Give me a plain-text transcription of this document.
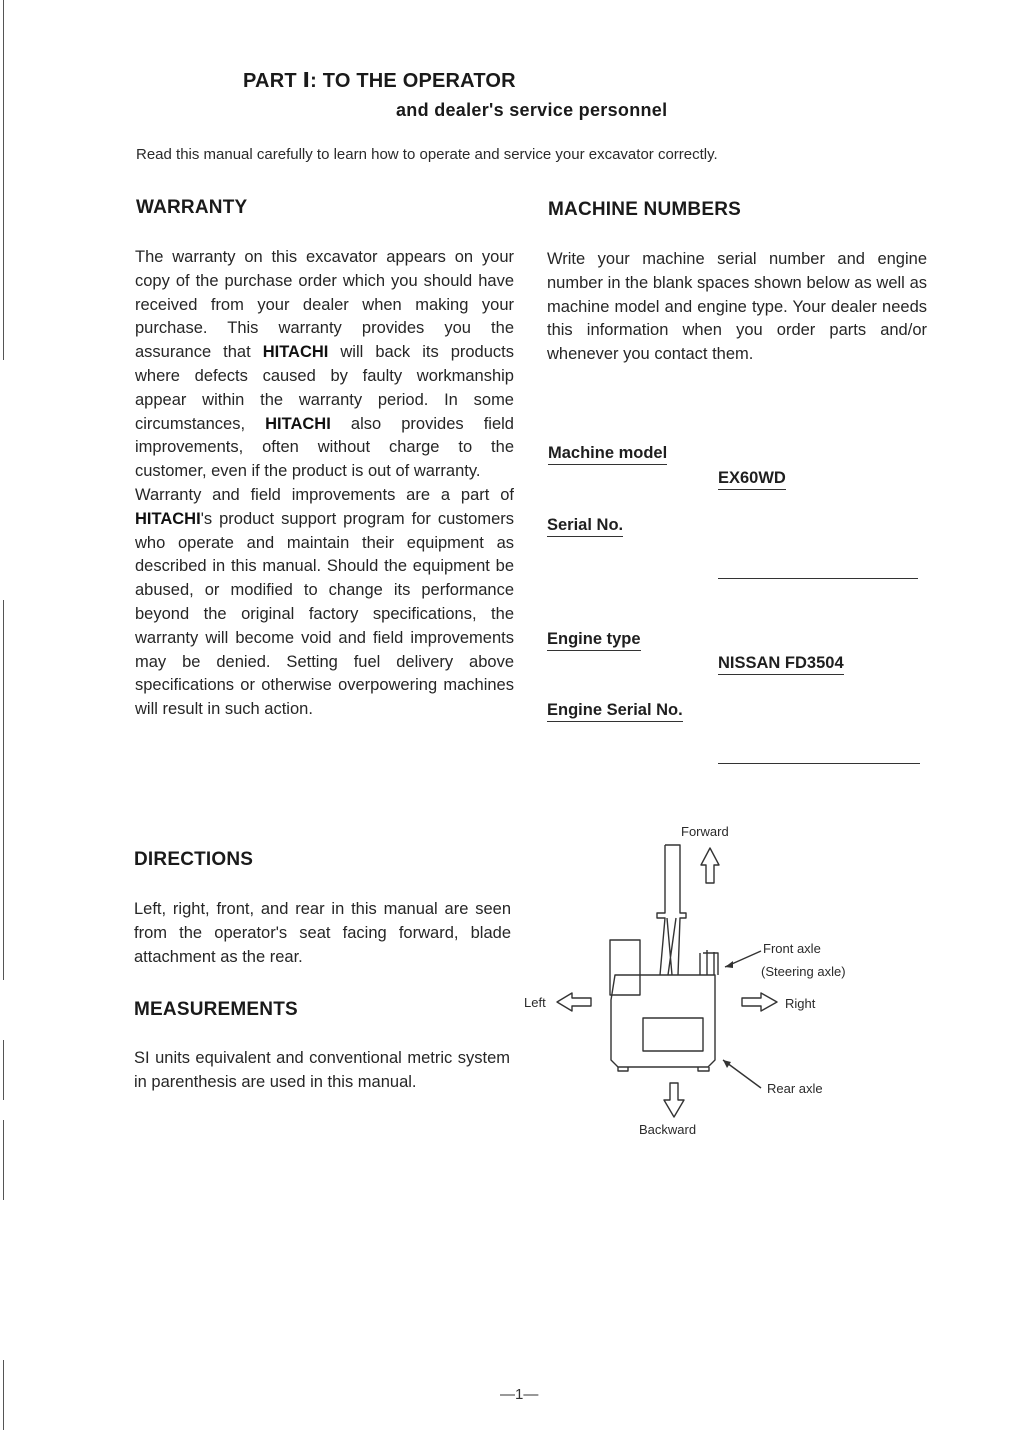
PART Ⅰ: TO THE OPERATOR
and dealer's service personnel

Read this manual carefully to learn how to operate and service your excavator correctly.

WARRANTY
The warranty on this excavator appears on your copy of the purchase order which you should have received from your dealer when making your purchase. This warranty provides you the assurance that HITACHI will back its products where defects caused by faulty workmanship appear within the warranty period. In some circumstances, HITACHI also provides field improvements, often without charge to the customer, even if the product is out of warranty.
Warranty and field improvements are a part of HITACHI's product support program for customers who operate and maintain their equipment as described in this manual. Should the equipment be abused, or modified to change its performance beyond the original factory specifications, the warranty will become void and field improvements may be denied. Setting fuel delivery above specifications or otherwise overpowering machines will result in such action.
MACHINE NUMBERS
Write your machine serial number and engine number in the blank spaces shown below as well as machine model and engine type. Your dealer needs this information when you order parts and/or whenever you contact them.
Machine model
EX60WD
Serial No.
Engine type
NISSAN FD3504
Engine Serial No.
DIRECTIONS
Left, right, front, and rear in this manual are seen from the operator's seat facing forward, blade attachment as the rear.
MEASUREMENTS
SI units equivalent and conventional metric system in parenthesis are used in this manual.
Forward
Backward
Left	Right
Front axle
(Steering axle)
Rear axle
—1—
